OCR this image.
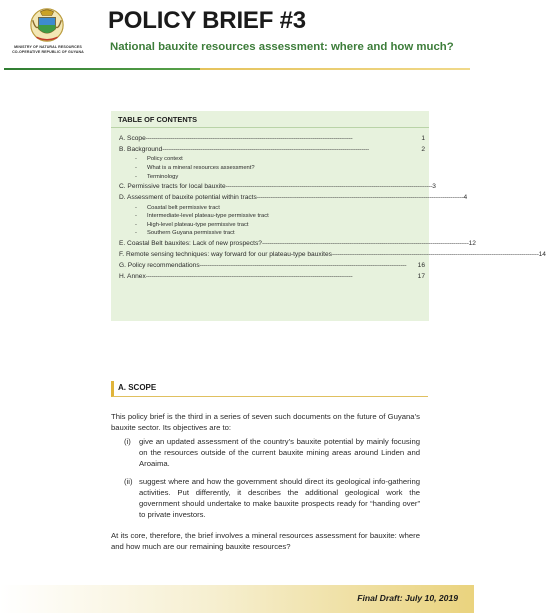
MINISTRY OF NATURAL RESOURCES
CO-OPERATIVE REPUBLIC OF GUYANA
POLICY BRIEF #3
National bauxite resources assessment: where and how much?
TABLE OF CONTENTS
A. Scope -------------------------------------------------------------------------------------------------------------	1
B. Background -------------------------------------------------------------------------------------------------------------	2
- Policy context
- What is a mineral resources assessment?
- Terminology
C. Permissive tracts for local bauxite ------------------------------------------------------------------------------------------------------------- 3
D. Assessment of bauxite potential within tracts ------------------------------------------------------------------------------------------------------------- 4
- Coastal belt permissive tract
- Intermediate-level plateau-type permissive tract
- High-level plateau-type permissive tract
- Southern Guyana permissive tract
E. Coastal Belt bauxites: Lack of new prospects? ------------------------------------------------------------------------------------------------------------- 12
F. Remote sensing techniques: way forward for our plateau-type bauxites ------------------------------------------------------------------------------------------------------------- 14
G. Policy recommendations -------------------------------------------------------------------------------------------------------------	16
H. Annex -------------------------------------------------------------------------------------------------------------	17
A. SCOPE
This policy brief is the third in a series of seven such documents on the future of Guyana’s bauxite sector. Its objectives are to:
(i)	give an updated assessment of the country’s bauxite potential by mainly focusing on the resources outside of the current bauxite mining areas around Linden and Aroaima.
(ii) suggest where and how the government should direct its geological info-gathering activities. Put differently, it describes the additional geological work the government should undertake to make bauxite prospects ready for “handing over” to private investors.
At its core, therefore, the brief involves a mineral resources assessment for bauxite: where and how much are our remaining bauxite resources?
Final Draft: July 10, 2019
